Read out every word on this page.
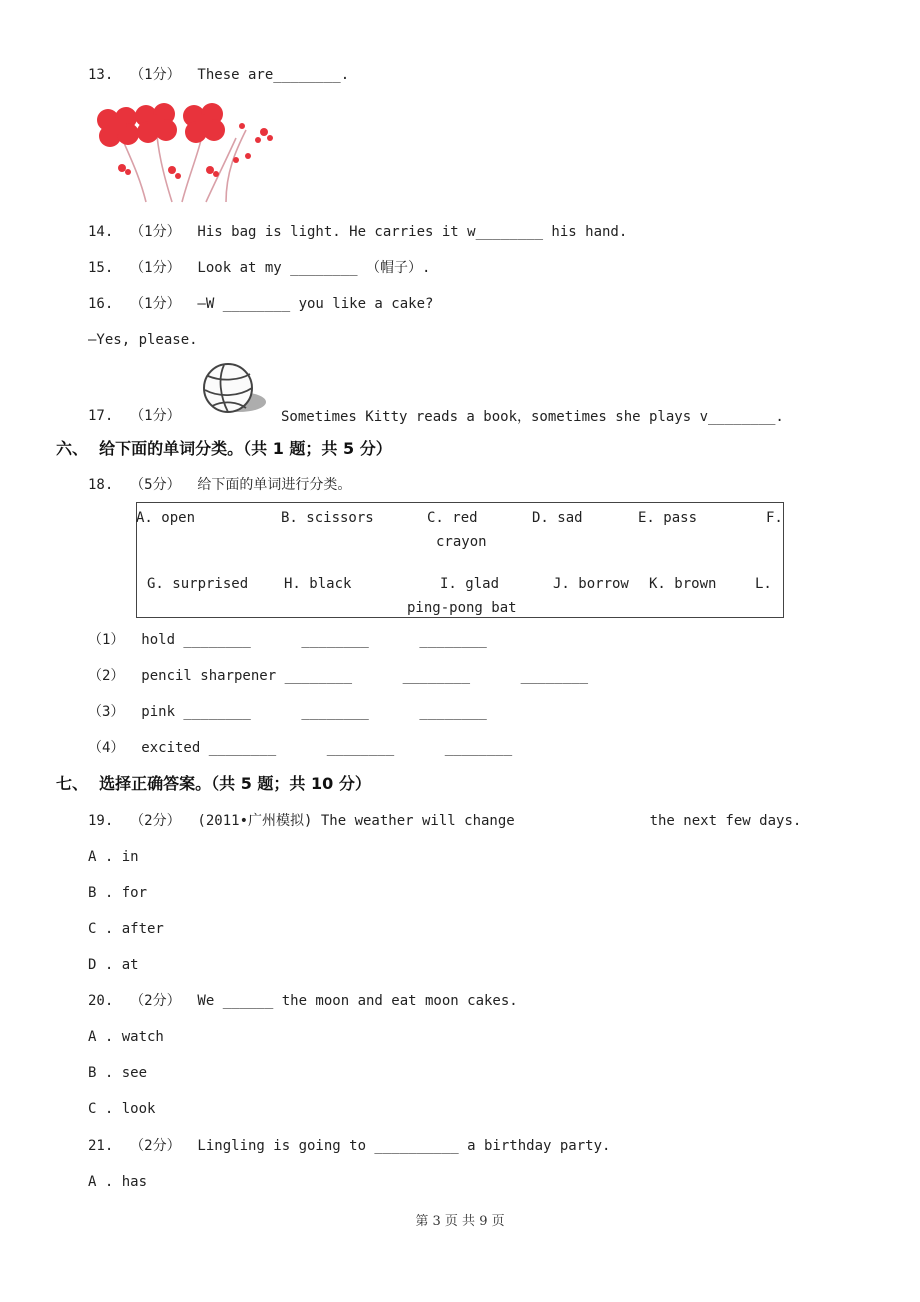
13.  （1分）  These are________.
14.  （1分）  His bag is light. He carries it w________ his hand.
15.  （1分）  Look at my ________ （帽子）.
16.  （1分）  —W ________ you like a cake?
—Yes, please.
17.  （1分）	Sometimes Kitty reads a book，sometimes she plays v________.
六、  给下面的单词分类。（共 1 题；共 5 分）
18.  （5分）  给下面的单词进行分类。
A. open	B. scissors	C. red	D. sad	E. pass	F.
crayon
G. surprised	H. black	I. glad	J. borrow K. brown	L.
ping-pong bat
（1）  hold ________      ________      ________
（2）  pencil sharpener ________      ________      ________
（3）  pink ________      ________      ________
（4）  excited ________      ________      ________
七、  选择正确答案。（共 5 题；共 10 分）
19.  （2分）  (2011•广州模拟) The weather will change                the next few days.
A . in
B . for
C . after
D . at
20.  （2分）  We ______ the moon and eat moon cakes.
A . watch
B . see
C . look
21.  （2分）  Lingling is going to __________ a birthday party.
A . has
第 3 页 共 9 页
